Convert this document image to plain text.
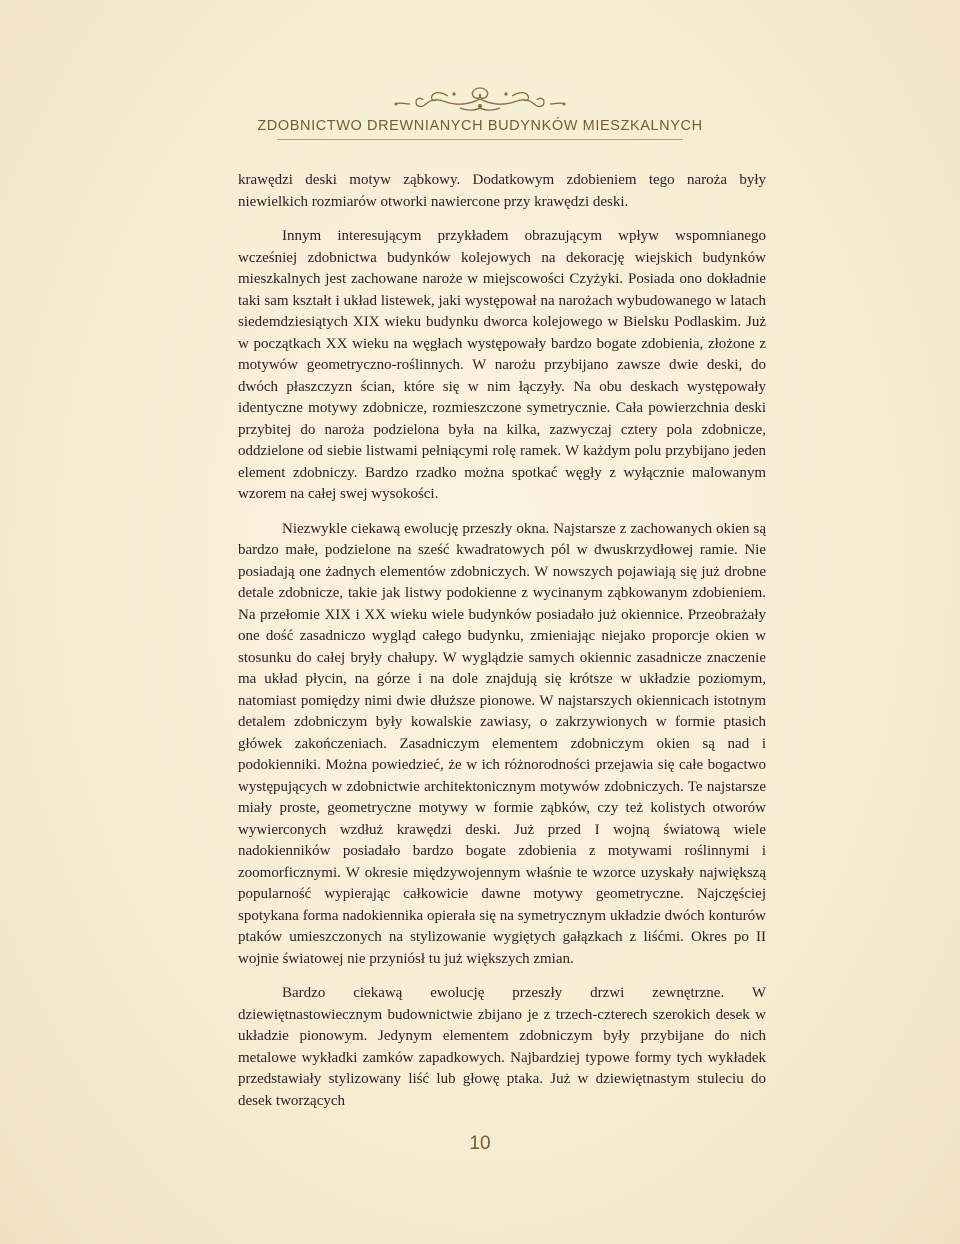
ZDOBNICTWO DREWNIANYCH BUDYNKÓW MIESZKALNYCH

krawędzi deski motyw ząbkowy. Dodatkowym zdobieniem tego naroża były niewielkich rozmiarów otworki nawiercone przy krawędzi deski.

Innym interesującym przykładem obrazującym wpływ wspomnianego wcześniej zdobnictwa budynków kolejowych na dekorację wiejskich budynków mieszkalnych jest zachowane naroże w miejscowości Czyżyki. Posiada ono dokładnie taki sam kształt i układ listewek, jaki występował na narożach wybudowanego w latach siedemdziesiątych XIX wieku budynku dworca kolejowego w Bielsku Podlaskim. Już w początkach XX wieku na węgłach występowały bardzo bogate zdobienia, złożone z motywów geometryczno-roślinnych. W narożu przybijano zawsze dwie deski, do dwóch płaszczyzn ścian, które się w nim łączyły. Na obu deskach występowały identyczne motywy zdobnicze, rozmieszczone symetrycznie. Cała powierzchnia deski przybitej do naroża podzielona była na kilka, zazwyczaj cztery pola zdobnicze, oddzielone od siebie listwami pełniącymi rolę ramek. W każdym polu przybijano jeden element zdobniczy. Bardzo rzadko można spotkać węgły z wyłącznie malowanym wzorem na całej swej wysokości.

Niezwykle ciekawą ewolucję przeszły okna. Najstarsze z zachowanych okien są bardzo małe, podzielone na sześć kwadratowych pól w dwuskrzydłowej ramie. Nie posiadają one żadnych elementów zdobniczych. W nowszych pojawiają się już drobne detale zdobnicze, takie jak listwy podokienne z wycinanym ząbkowanym zdobieniem. Na przełomie XIX i XX wieku wiele budynków posiadało już okiennice. Przeobrażały one dość zasadniczo wygląd całego budynku, zmieniając niejako proporcje okien w stosunku do całej bryły chałupy. W wyglądzie samych okiennic zasadnicze znaczenie ma układ płycin, na górze i na dole znajdują się krótsze w układzie poziomym, natomiast pomiędzy nimi dwie dłuższe pionowe. W najstarszych okiennicach istotnym detalem zdobniczym były kowalskie zawiasy, o zakrzywionych w formie ptasich główek zakończeniach. Zasadniczym elementem zdobniczym okien są nad i podokienniki. Można powiedzieć, że w ich różnorodności przejawia się całe bogactwo występujących w zdobnictwie architektonicznym motywów zdobniczych. Te najstarsze miały proste, geometryczne motywy w formie ząbków, czy też kolistych otworów wywierconych wzdłuż krawędzi deski. Już przed I wojną światową wiele nadokienników posiadało bardzo bogate zdobienia z motywami roślinnymi i zoomorficznymi. W okresie międzywojennym właśnie te wzorce uzyskały największą popularność wypierając całkowicie dawne motywy geometryczne. Najczęściej spotykana forma nadokiennika opierała się na symetrycznym układzie dwóch konturów ptaków umieszczonych na stylizowanie wygiętych gałązkach z liśćmi. Okres po II wojnie światowej nie przyniósł tu już większych zmian.

Bardzo ciekawą ewolucję przeszły drzwi zewnętrzne. W dziewiętnastowiecznym budownictwie zbijano je z trzech-czterech szerokich desek w układzie pionowym. Jedynym elementem zdobniczym były przybijane do nich metalowe wykładki zamków zapadkowych. Najbardziej typowe formy tych wykładek przedstawiały stylizowany liść lub głowę ptaka. Już w dziewiętnastym stuleciu do desek tworzących

10
